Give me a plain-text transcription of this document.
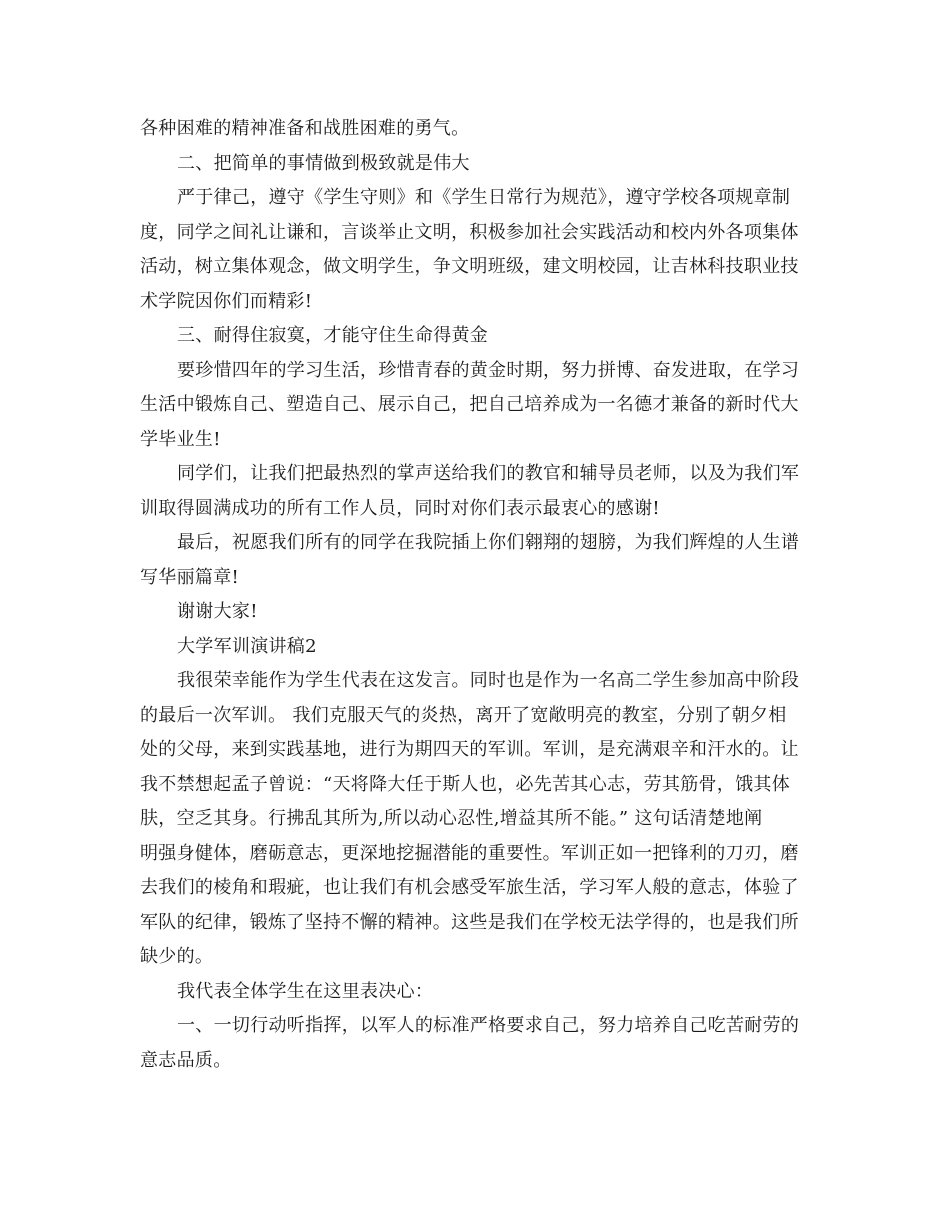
各种困难的精神准备和战胜困难的勇气。
二、把简单的事情做到极致就是伟大
严于律己，遵守《学生守则》和《学生日常行为规范》，遵守学校各项规章制
度，同学之间礼让谦和，言谈举止文明，积极参加社会实践活动和校内外各项集体
活动，树立集体观念，做文明学生，争文明班级，建文明校园，让吉林科技职业技
术学院因你们而精彩!
三、耐得住寂寞，才能守住生命得黄金
要珍惜四年的学习生活，珍惜青春的黄金时期，努力拼博、奋发进取，在学习
生活中锻炼自己、塑造自己、展示自己，把自己培养成为一名德才兼备的新时代大
学毕业生!
同学们，让我们把最热烈的掌声送给我们的教官和辅导员老师，以及为我们军
训取得圆满成功的所有工作人员，同时对你们表示最衷心的感谢!
最后，祝愿我们所有的同学在我院插上你们翱翔的翅膀，为我们辉煌的人生谱
写华丽篇章!
谢谢大家!
大学军训演讲稿2
我很荣幸能作为学生代表在这发言。同时也是作为一名高二学生参加高中阶段
的最后一次军训。 我们克服天气的炎热，离开了宽敞明亮的教室，分别了朝夕相
处的父母，来到实践基地，进行为期四天的军训。军训，是充满艰辛和汗水的。让
我不禁想起孟子曾说：“天将降大任于斯人也，必先苦其心志，劳其筋骨，饿其体
肤，空乏其身。行拂乱其所为,所以动心忍性,增益其所不能。” 这句话清楚地阐
明强身健体，磨砺意志，更深地挖掘潜能的重要性。军训正如一把锋利的刀刃，磨
去我们的棱角和瑕疵，也让我们有机会感受军旅生活，学习军人般的意志，体验了
军队的纪律，锻炼了坚持不懈的精神。这些是我们在学校无法学得的，也是我们所
缺少的。
我代表全体学生在这里表决心：
一、一切行动听指挥，以军人的标准严格要求自己，努力培养自己吃苦耐劳的
意志品质。
